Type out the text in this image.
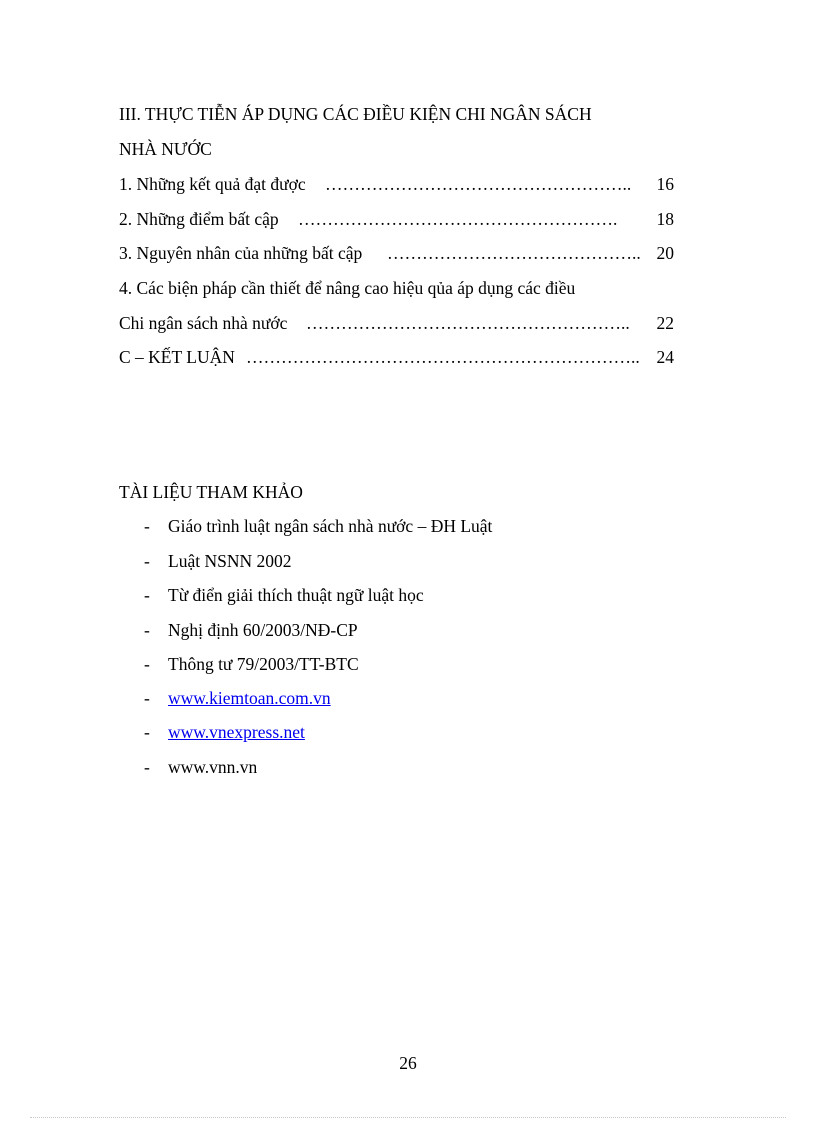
III. THỰC TIỄN ÁP DỤNG CÁC ĐIỀU KIỆN CHI NGÂN SÁCH
NHÀ NƯỚC
1. Những kết quả đạt được …………………………………………….. 16
2. Những điểm bất cập ………………………………………………. 18
3. Nguyên nhân của những bất cập …………………………………….. 20
4. Các biện pháp cần thiết để nâng cao hiệu qủa áp dụng các điều
Chi ngân sách nhà nước ……………………………………………….. 22
C – KẾT LUẬN ………………………………………………………….. 24
TÀI LIỆU THAM KHẢO
- Giáo trình luật ngân sách nhà nước – ĐH Luật
- Luật NSNN 2002
- Từ điển giải thích thuật ngữ luật học
- Nghị định 60/2003/NĐ-CP
- Thông tư 79/2003/TT-BTC
- www.kiemtoan.com.vn
- www.vnexpress.net
- www.vnn.vn
26
